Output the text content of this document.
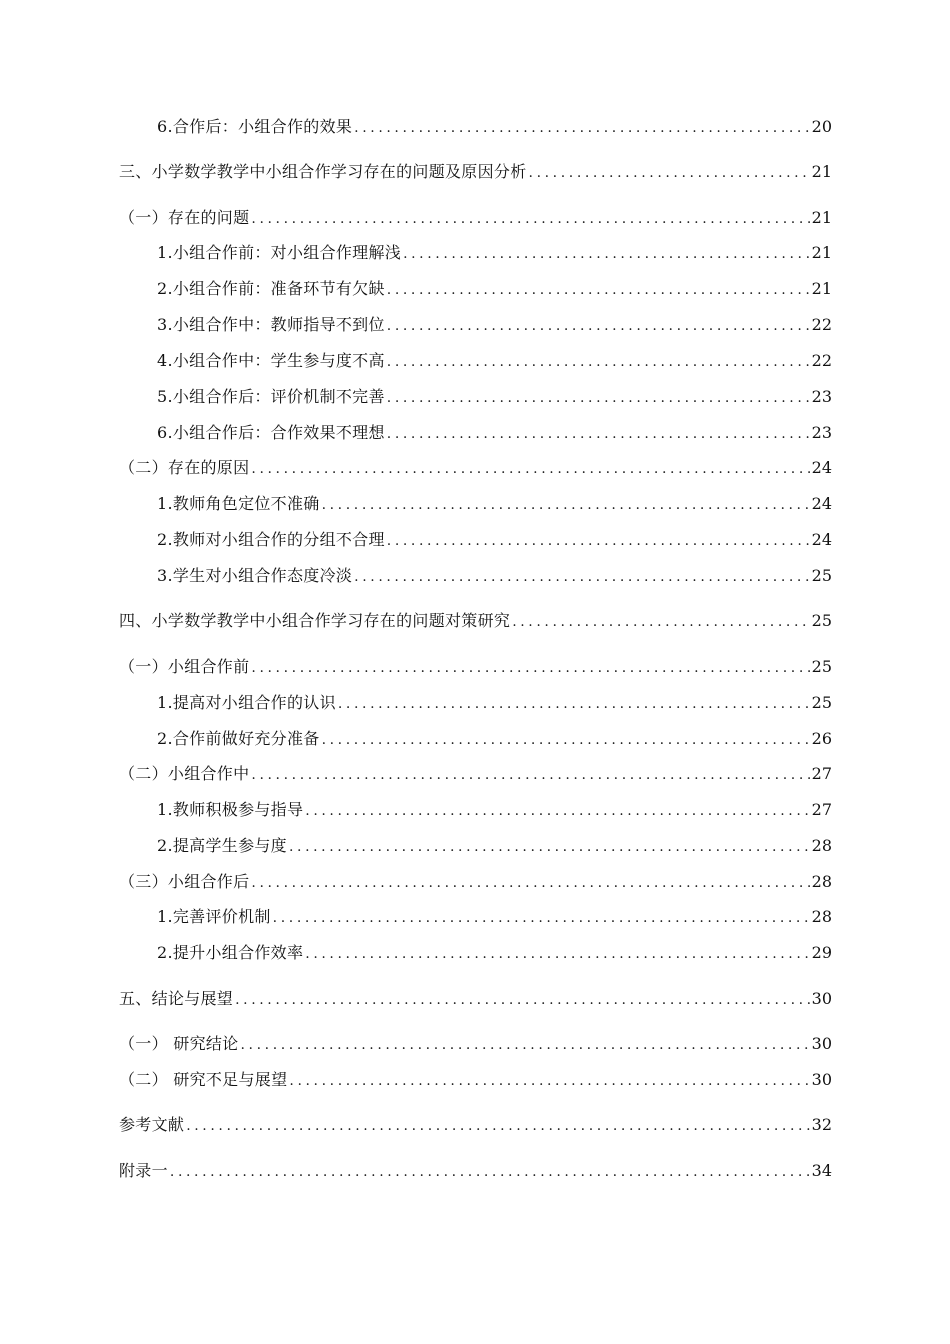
6.合作后：小组合作的效果 .....	20
三、小学数学教学中小组合作学习存在的问题及原因分析 .....	21
（一）存在的问题 .....	21
1.小组合作前：对小组合作理解浅 .....	21
2.小组合作前：准备环节有欠缺 .....	21
3.小组合作中：教师指导不到位 .....	22
4.小组合作中：学生参与度不高 .....	22
5.小组合作后：评价机制不完善 .....	23
6.小组合作后：合作效果不理想 .....	23
（二）存在的原因 .....	24
1.教师角色定位不准确 .....	24
2.教师对小组合作的分组不合理 .....	24
3.学生对小组合作态度冷淡 .....	25
四、小学数学教学中小组合作学习存在的问题对策研究 .....	25
（一）小组合作前 .....	25
1.提高对小组合作的认识 .....	25
2.合作前做好充分准备 .....	26
（二）小组合作中 .....	27
1.教师积极参与指导 .....	27
2.提高学生参与度 .....	28
（三）小组合作后 .....	28
1.完善评价机制 .....	28
2.提升小组合作效率 .....	29
五、结论与展望 .....	30
（一） 研究结论 .....	30
（二） 研究不足与展望 .....	30
参考文献 .....	32
附录一 .....	34
